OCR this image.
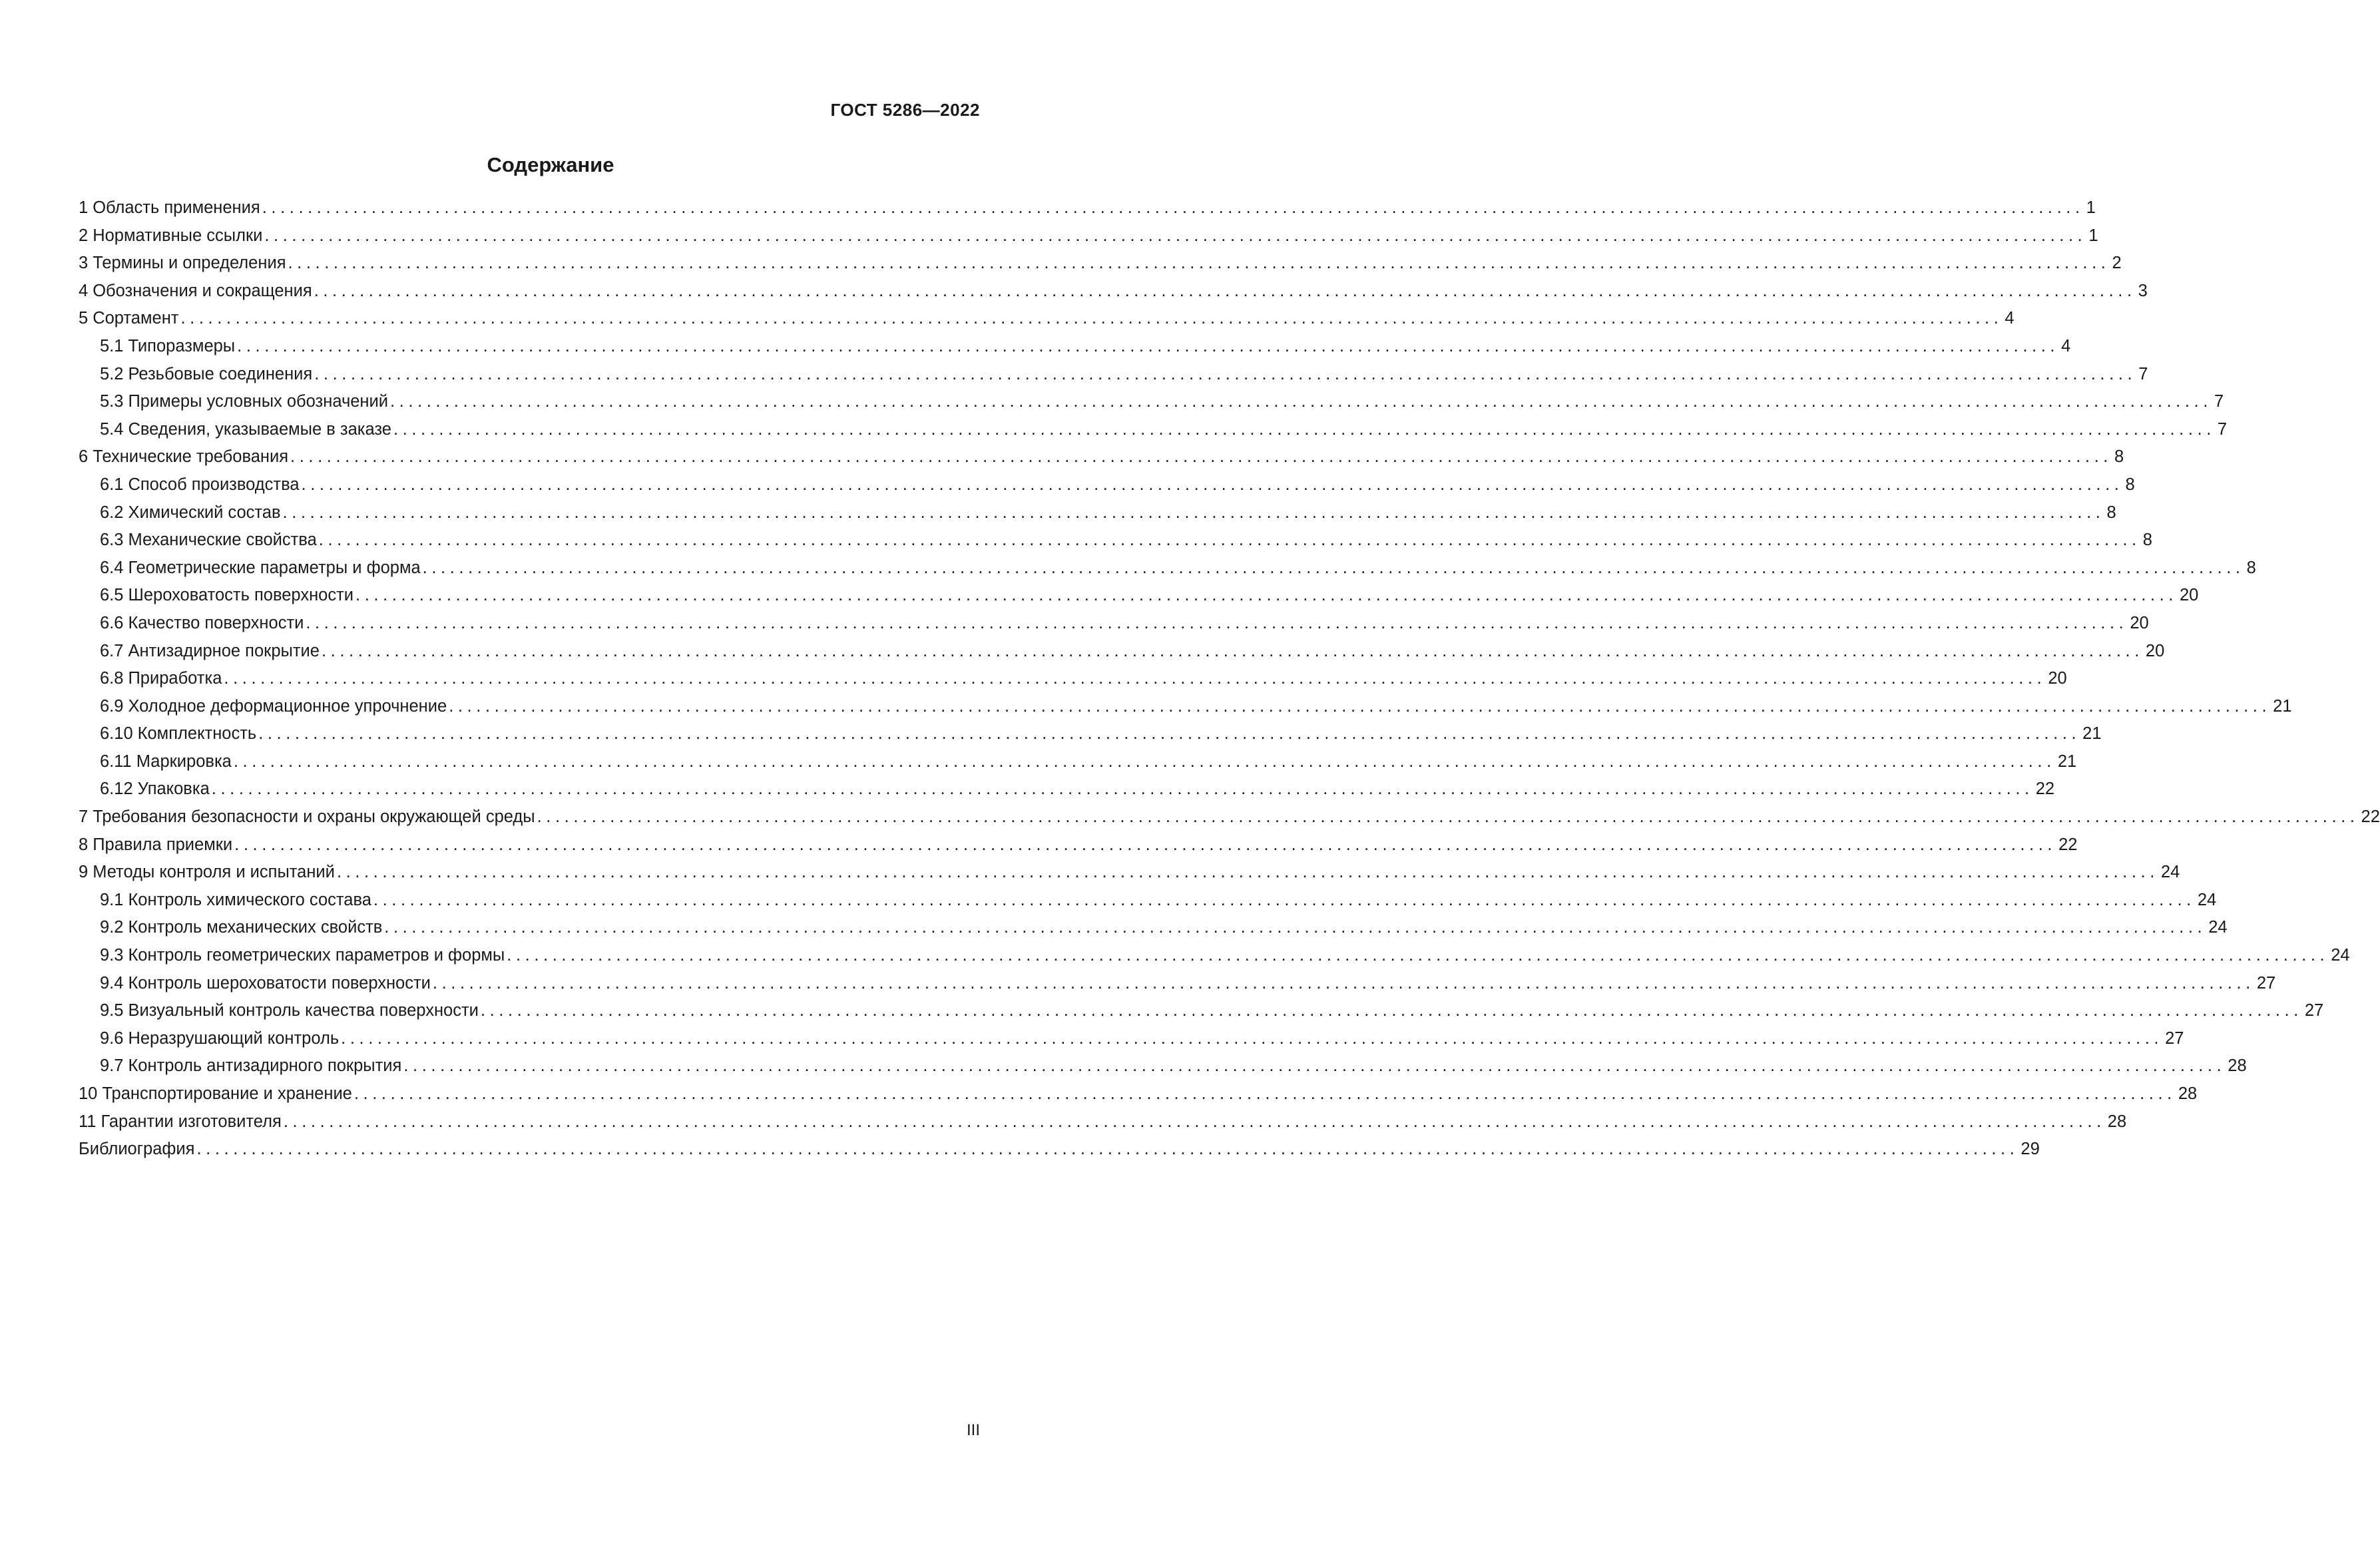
ГОСТ 5286—2022
Содержание
1 Область применения ........................................................................................................................................................................................................ 1
2 Нормативные ссылки ........................................................................................................................................................................................................ 1
3 Термины и определения ........................................................................................................................................................................................................ 2
4 Обозначения и сокращения ........................................................................................................................................................................................................ 3
5 Сортамент ........................................................................................................................................................................................................ 4
5.1 Типоразмеры ........................................................................................................................................................................................................ 4
5.2 Резьбовые соединения ........................................................................................................................................................................................................ 7
5.3 Примеры условных обозначений ........................................................................................................................................................................................................ 7
5.4 Сведения, указываемые в заказе ........................................................................................................................................................................................................ 7
6 Технические требования ........................................................................................................................................................................................................ 8
6.1 Способ производства ........................................................................................................................................................................................................ 8
6.2 Химический состав ........................................................................................................................................................................................................ 8
6.3 Механические свойства ........................................................................................................................................................................................................ 8
6.4 Геометрические параметры и форма ........................................................................................................................................................................................................ 8
6.5 Шероховатость поверхности ........................................................................................................................................................................................................ 20
6.6 Качество поверхности ........................................................................................................................................................................................................ 20
6.7 Антизадирное покрытие ........................................................................................................................................................................................................ 20
6.8 Приработка ........................................................................................................................................................................................................ 20
6.9 Холодное деформационное упрочнение ........................................................................................................................................................................................................ 21
6.10 Комплектность ........................................................................................................................................................................................................ 21
6.11 Маркировка ........................................................................................................................................................................................................ 21
6.12 Упаковка ........................................................................................................................................................................................................ 22
7 Требования безопасности и охраны окружающей среды ........................................................................................................................................................................................................ 22
8 Правила приемки ........................................................................................................................................................................................................ 22
9 Методы контроля и испытаний ........................................................................................................................................................................................................ 24
9.1 Контроль химического состава ........................................................................................................................................................................................................ 24
9.2 Контроль механических свойств ........................................................................................................................................................................................................ 24
9.3 Контроль геометрических параметров и формы ........................................................................................................................................................................................................ 24
9.4 Контроль шероховатости поверхности ........................................................................................................................................................................................................ 27
9.5 Визуальный контроль качества поверхности ........................................................................................................................................................................................................ 27
9.6 Неразрушающий контроль ........................................................................................................................................................................................................ 27
9.7 Контроль антизадирного покрытия ........................................................................................................................................................................................................ 28
10 Транспортирование и хранение ........................................................................................................................................................................................................ 28
11 Гарантии изготовителя ........................................................................................................................................................................................................ 28
Библиография ........................................................................................................................................................................................................ 29
III
